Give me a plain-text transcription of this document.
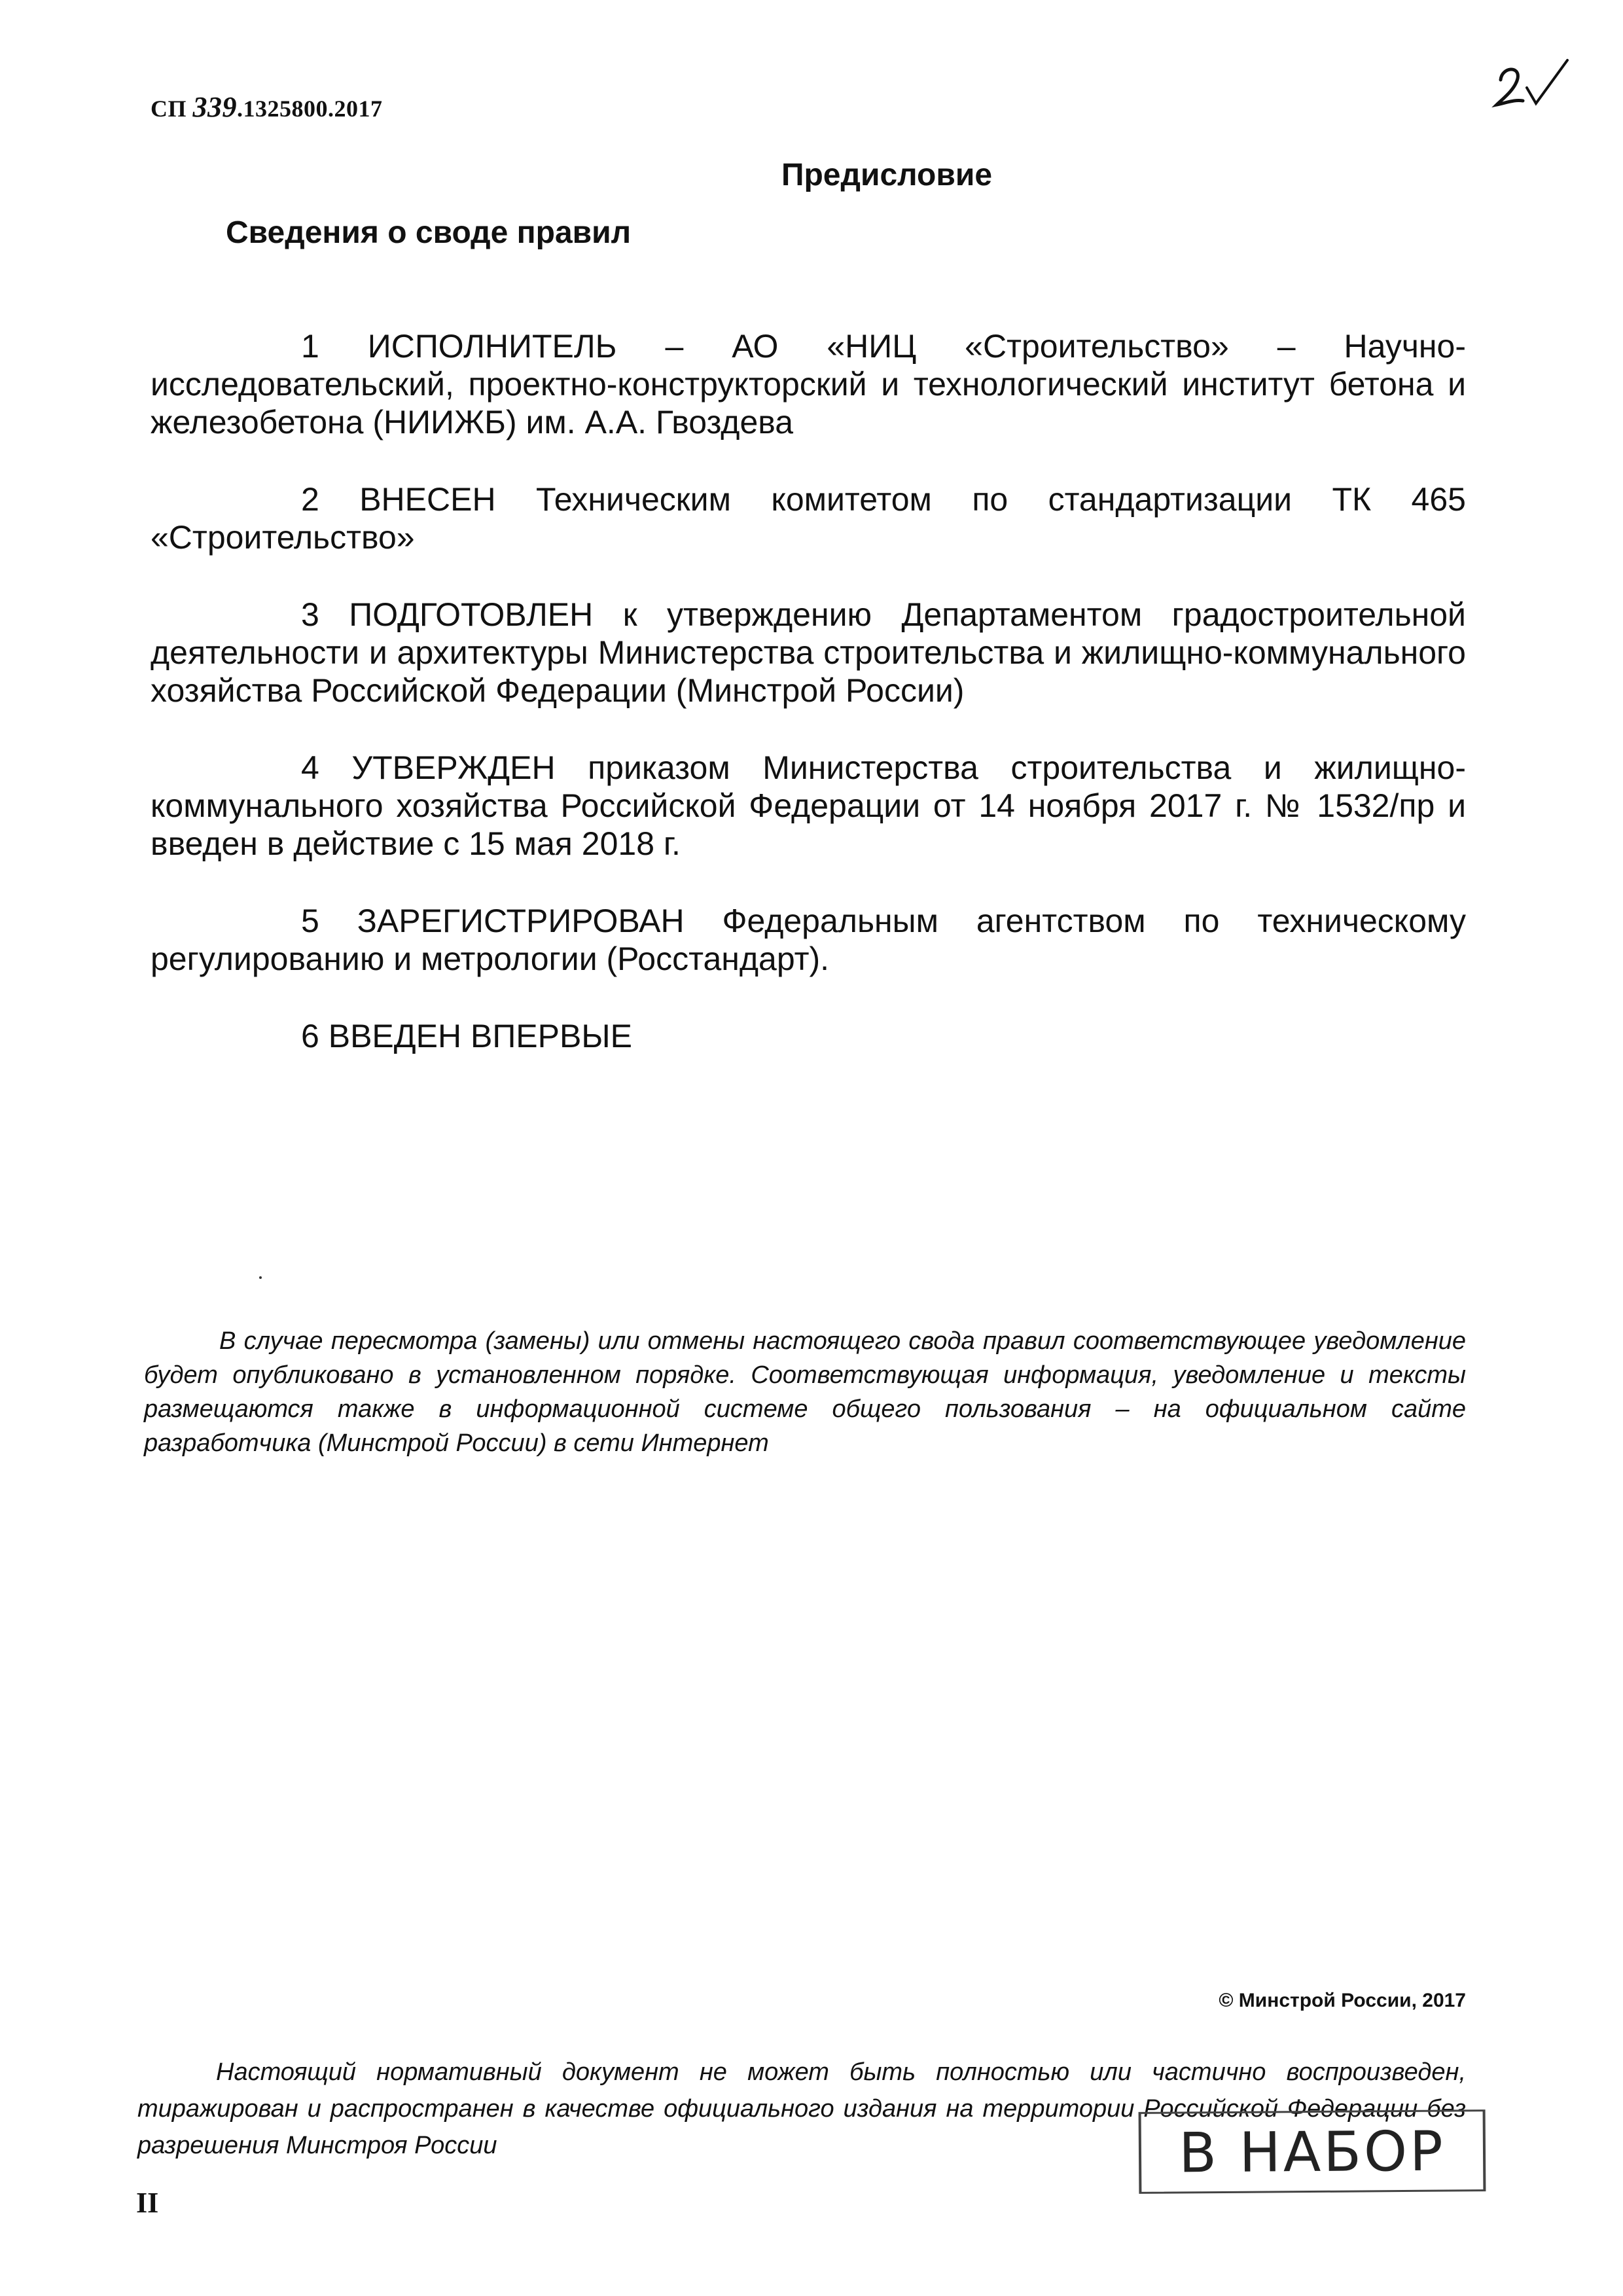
СП 339.1325800.2017
Предисловие
Сведения о своде правил

1 ИСПОЛНИТЕЛЬ – АО «НИЦ «Строительство» – Научно-исследовательский, проектно-конструкторский и технологический институт бетона и железобетона (НИИЖБ) им. А.А. Гвоздева

2 ВНЕСЕН Техническим комитетом по стандартизации ТК 465 «Строительство»

3 ПОДГОТОВЛЕН к утверждению Департаментом градостроительной деятельности и архитектуры Министерства строительства и жилищно-коммунального хозяйства Российской Федерации (Минстрой России)

4 УТВЕРЖДЕН приказом Министерства строительства и жилищно-коммунального хозяйства Российской Федерации от 14 ноября 2017 г. № 1532/пр и введен в действие с 15 мая 2018 г.

5 ЗАРЕГИСТРИРОВАН Федеральным агентством по техническому регулированию и метрологии (Росстандарт).

6 ВВЕДЕН ВПЕРВЫЕ

В случае пересмотра (замены) или отмены настоящего свода правил соответствующее уведомление будет опубликовано в установленном порядке. Соответствующая информация, уведомление и тексты размещаются также в информационной системе общего пользования – на официальном сайте разработчика (Минстрой России) в сети Интернет

© Минстрой России, 2017

Настоящий нормативный документ не может быть полностью или частично воспроизведен, тиражирован и распространен в качестве официального издания на территории Российской Федерации без разрешения Минстроя России	В НАБОР
II
